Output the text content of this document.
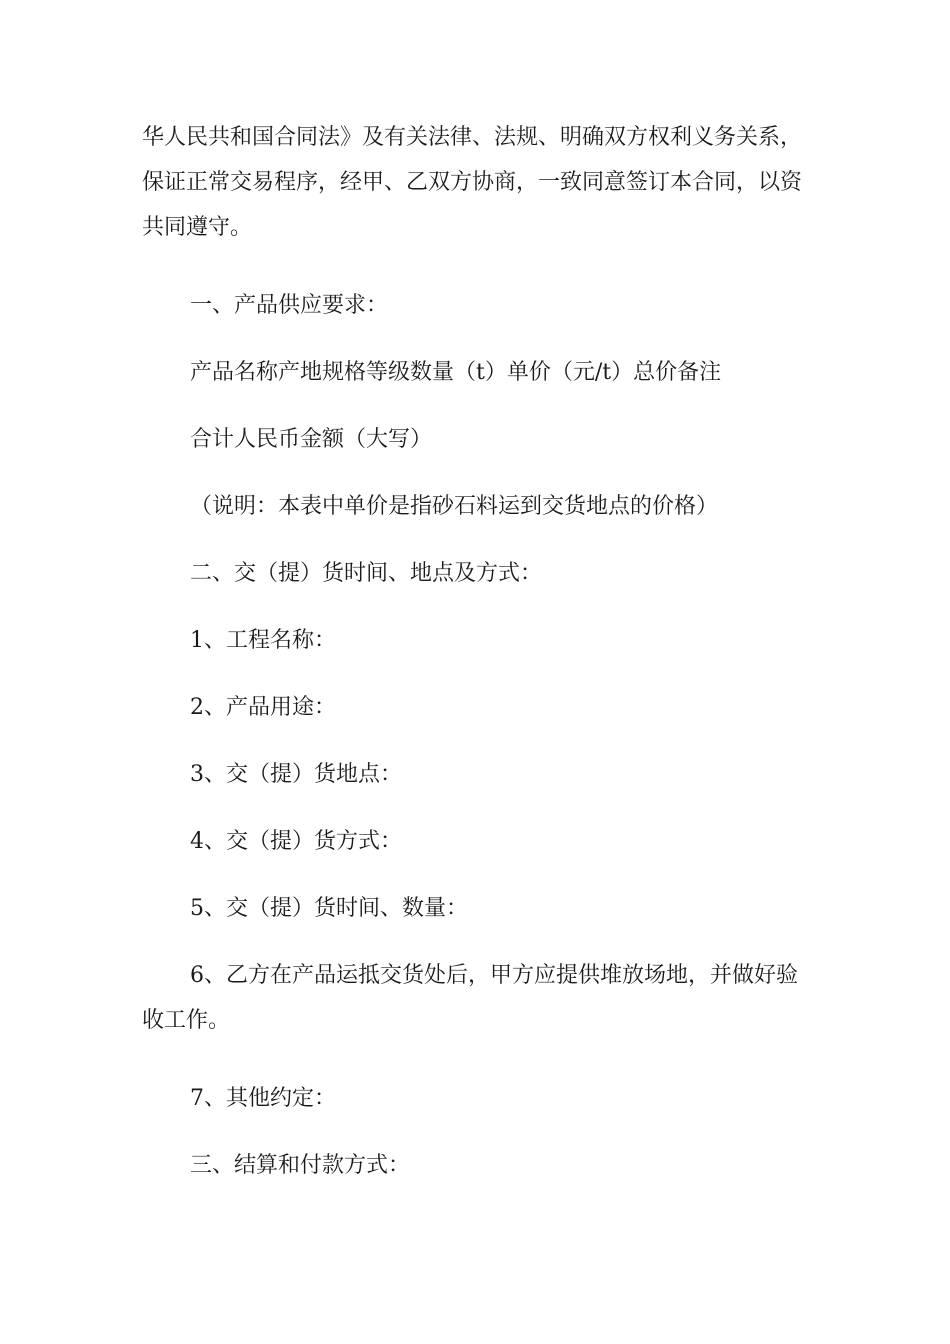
华人民共和国合同法》及有关法律、法规、明确双方权利义务关系，保证正常交易程序，经甲、乙双方协商，一致同意签订本合同，以资共同遵守。

一、产品供应要求：

产品名称产地规格等级数量（t）单价（元/t）总价备注

合计人民币金额（大写）

（说明：本表中单价是指砂石料运到交货地点的价格）

二、交（提）货时间、地点及方式：

1、工程名称：

2、产品用途：

3、交（提）货地点：

4、交（提）货方式：

5、交（提）货时间、数量：

6、乙方在产品运抵交货处后，甲方应提供堆放场地，并做好验收工作。

7、其他约定：

三、结算和付款方式：
